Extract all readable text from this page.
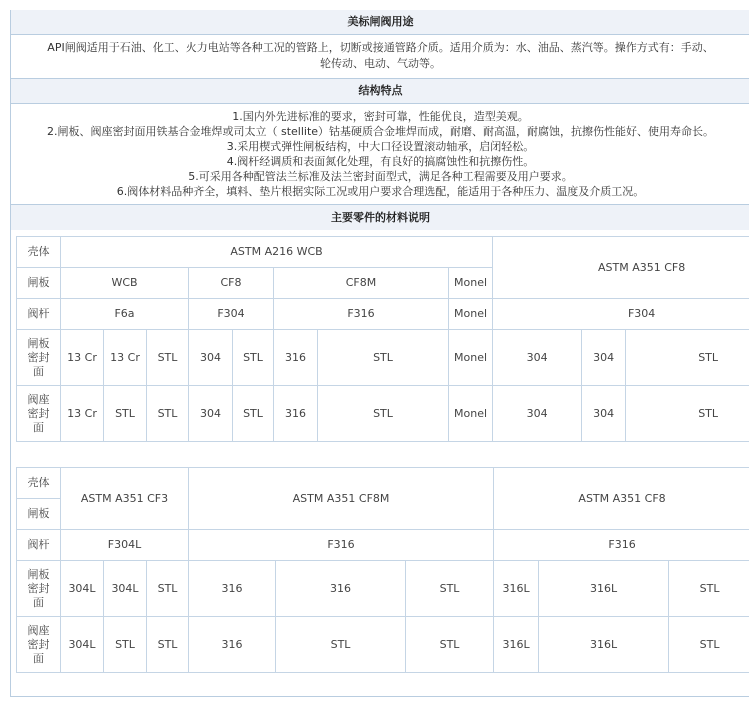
美标闸阀用途
API闸阀适用于石油、化工、火力电站等各种工况的管路上，切断或接通管路介质。适用介质为：水、油品、蒸汽等。操作方式有：手动、
轮传动、电动、气动等。
结构特点
1.国内外先进标准的要求，密封可靠，性能优良，造型美观。
2.闸板、阀座密封面用铁基合金堆焊或司太立（ stellite）钴基硬质合金堆焊而成，耐磨、耐高温，耐腐蚀，抗擦伤性能好、使用寿命长。
3.采用楔式弹性闸板结构，中大口径设置滚动轴承，启闭轻松。
4.阀杆经调质和表面氮化处理，有良好的搞腐蚀性和抗擦伤性。
5.可采用各种配管法兰标准及法兰密封面型式，满足各种工程需要及用户要求。
6.阀体材料品种齐全，填料、垫片根据实际工况或用户要求合理选配，能适用于各种压力、温度及介质工况。
主要零件的材料说明
壳体	ASTM A216 WCB								ASTM A351 CF8		
闸板	WCB			CF8		CF8M		Monel			
阀杆	F6a			F304		F316		Monel	F304		
闸板
密封
面	13 Cr	13 Cr	STL	304	STL	316	STL	Monel	304	304	STL
阀座
密封
面	13 Cr	STL	STL	304	STL	316	STL	Monel	304	304	STL
壳体	ASTM A351 CF3			ASTM A351 CF8M			ASTM A351 CF8		
闸板									
阀杆	F304L			F316			F316		
闸板
密封
面	304L	304L	STL	316	316	STL	316L	316L	STL
阀座
密封
面	304L	STL	STL	316	STL	STL	316L	316L	STL
